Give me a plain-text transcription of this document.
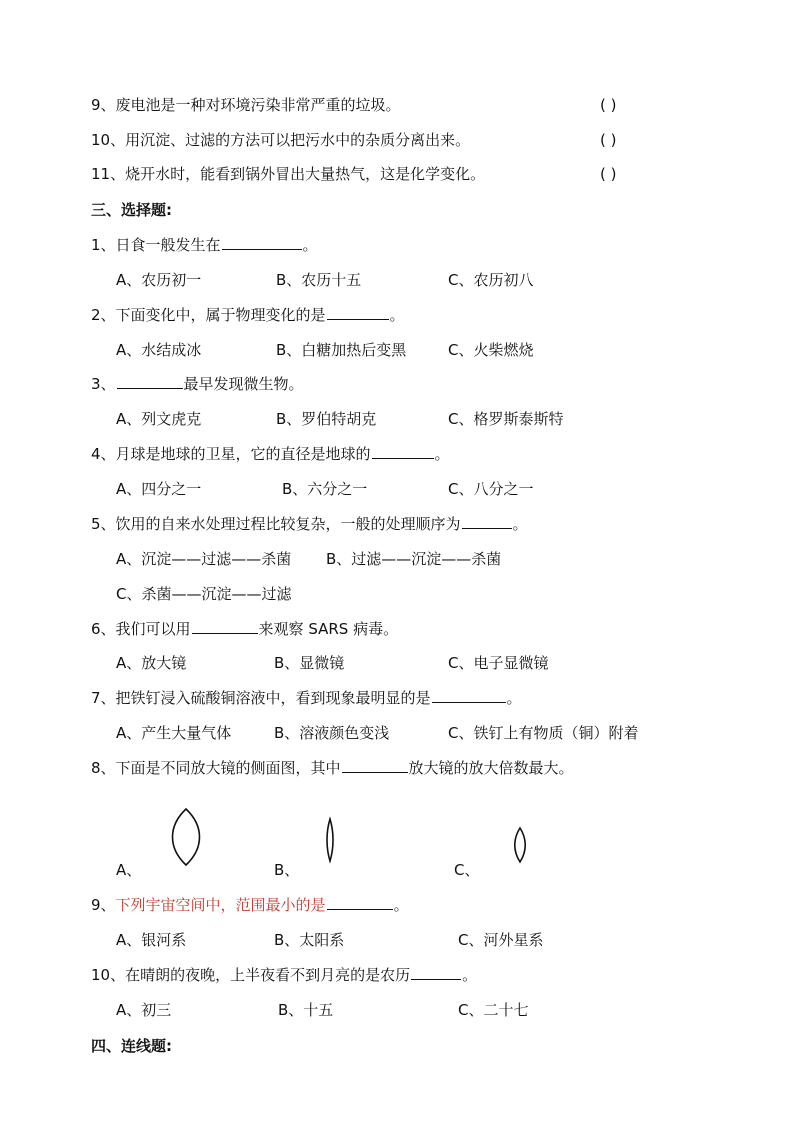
9、废电池是一种对环境污染非常严重的垃圾。	( )
10、用沉淀、过滤的方法可以把污水中的杂质分离出来。	( )
11、烧开水时，能看到锅外冒出大量热气，这是化学变化。	( )
三、选择题:
1、日食一般发生在	。
A、农历初一	B、农历十五	C、农历初八
2、下面变化中，属于物理变化的是	。
A、水结成冰	B、白糖加热后变黑	C、火柴燃烧
3、	最早发现微生物。
A、列文虎克	B、罗伯特胡克	C、格罗斯泰斯特
4、月球是地球的卫星，它的直径是地球的	。
A、四分之一	B、六分之一	C、八分之一
5、饮用的自来水处理过程比较复杂，一般的处理顺序为	。
A、沉淀——过滤——杀菌 B、过滤——沉淀——杀菌
C、杀菌——沉淀——过滤
6、我们可以用	来观察 SARS 病毒。
A、放大镜	B、显微镜	C、电子显微镜
7、把铁钉浸入硫酸铜溶液中，看到现象最明显的是	。
A、产生大量气体	B、溶液颜色变浅	C、铁钉上有物质（铜）附着
8、下面是不同放大镜的侧面图，其中	放大镜的放大倍数最大。
A、	B、	C、
9、下列宇宙空间中，范围最小的是	。
A、银河系	B、太阳系	C、河外星系
10、在晴朗的夜晚，上半夜看不到月亮的是农历	。
A、初三	B、十五	C、二十七
四、连线题:
